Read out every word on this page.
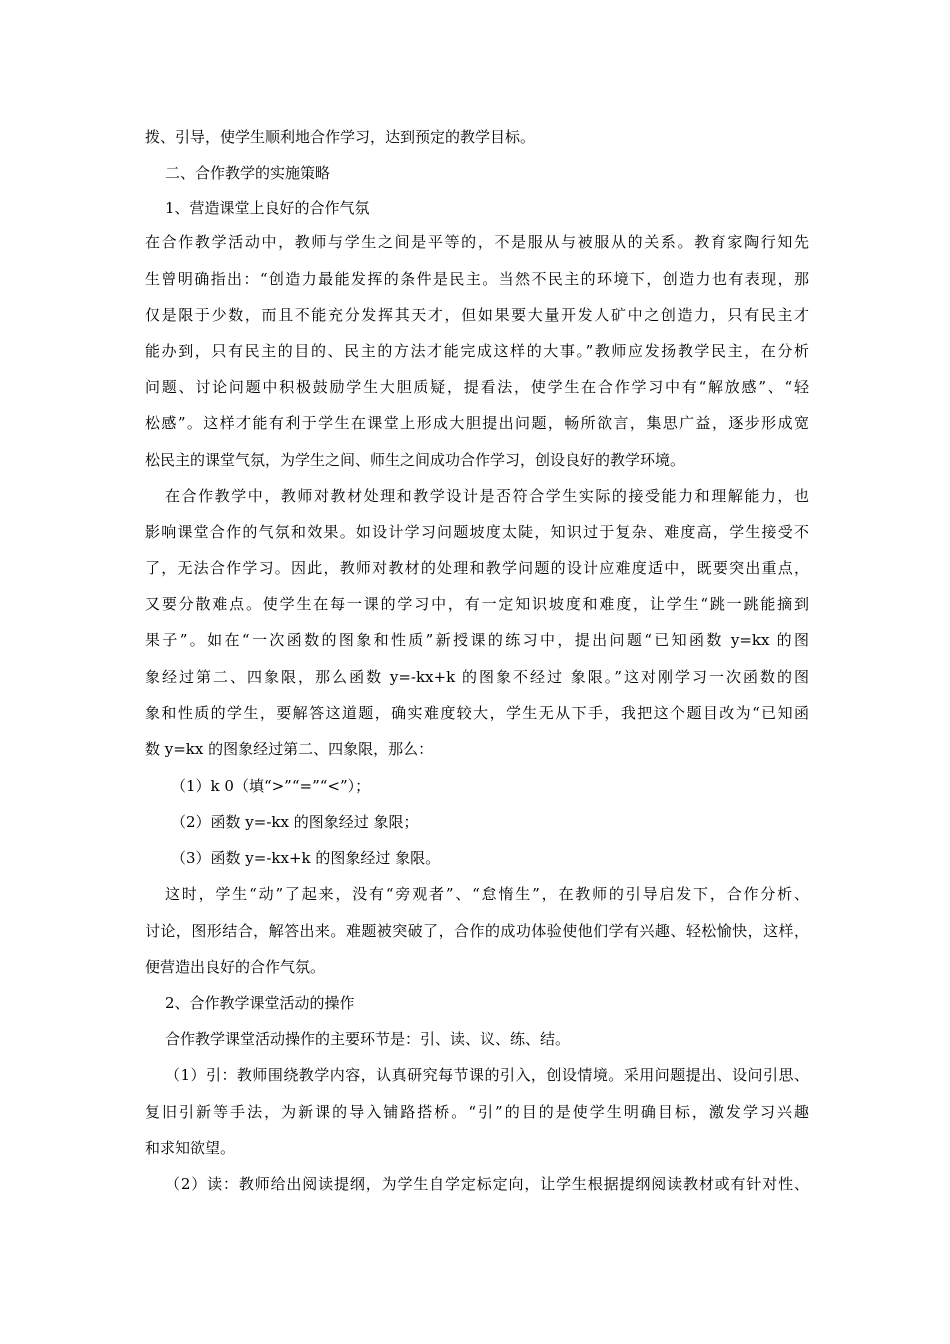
拨、引导，使学生顺利地合作学习，达到预定的教学目标。
二、合作教学的实施策略
1、营造课堂上良好的合作气氛
在合作教学活动中，教师与学生之间是平等的，不是服从与被服从的关系。教育家陶行知先
生曾明确指出：“创造力最能发挥的条件是民主。当然不民主的环境下，创造力也有表现，那
仅是限于少数，而且不能充分发挥其天才，但如果要大量开发人矿中之创造力，只有民主才
能办到，只有民主的目的、民主的方法才能完成这样的大事。”教师应发扬教学民主，在分析
问题、讨论问题中积极鼓励学生大胆质疑，提看法，使学生在合作学习中有“解放感”、“轻
松感”。这样才能有利于学生在课堂上形成大胆提出问题，畅所欲言，集思广益，逐步形成宽
松民主的课堂气氛，为学生之间、师生之间成功合作学习，创设良好的教学环境。
在合作教学中，教师对教材处理和教学设计是否符合学生实际的接受能力和理解能力，也
影响课堂合作的气氛和效果。如设计学习问题坡度太陡，知识过于复杂、难度高，学生接受不
了，无法合作学习。因此，教师对教材的处理和教学问题的设计应难度适中，既要突出重点，
又要分散难点。使学生在每一课的学习中，有一定知识坡度和难度，让学生“跳一跳能摘到
果子”。如在“一次函数的图象和性质”新授课的练习中，提出问题“已知函数 y=kx 的图
象经过第二、四象限，那么函数 y=-kx+k 的图象不经过 象限。”这对刚学习一次函数的图
象和性质的学生，要解答这道题，确实难度较大，学生无从下手，我把这个题目改为“已知函
数 y=kx 的图象经过第二、四象限，那么：
（1）k 0（填“>”“=”“<”）；
（2）函数 y=-kx 的图象经过 象限；
（3）函数 y=-kx+k 的图象经过 象限。
这时，学生“动”了起来，没有“旁观者”、“怠惰生”，在教师的引导启发下，合作分析、
讨论，图形结合，解答出来。难题被突破了，合作的成功体验使他们学有兴趣、轻松愉快，这样，
便营造出良好的合作气氛。
2、合作教学课堂活动的操作
合作教学课堂活动操作的主要环节是：引、读、议、练、结。
（1）引：教师围绕教学内容，认真研究每节课的引入，创设情境。采用问题提出、设问引思、
复旧引新等手法，为新课的导入铺路搭桥。“引”的目的是使学生明确目标，激发学习兴趣
和求知欲望。
（2）读：教师给出阅读提纲，为学生自学定标定向，让学生根据提纲阅读教材或有针对性、
